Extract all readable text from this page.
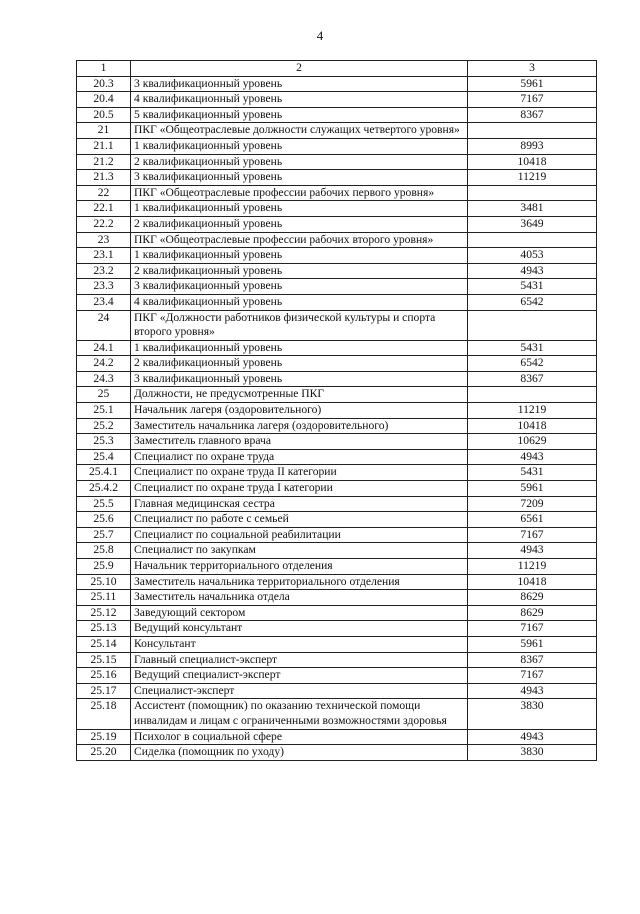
4
1	2	3
20.3	3 квалификационный уровень	5961
20.4	4 квалификационный уровень	7167
20.5	5 квалификационный уровень	8367
21	ПКГ «Общеотраслевые должности служащих четвертого уровня»	
21.1	1 квалификационный уровень	8993
21.2	2 квалификационный уровень	10418
21.3	3 квалификационный уровень	11219
22	ПКГ «Общеотраслевые профессии рабочих первого уровня»	
22.1	1 квалификационный уровень	3481
22.2	2 квалификационный уровень	3649
23	ПКГ «Общеотраслевые профессии рабочих второго уровня»	
23.1	1 квалификационный уровень	4053
23.2	2 квалификационный уровень	4943
23.3	3 квалификационный уровень	5431
23.4	4 квалификационный уровень	6542
24	ПКГ «Должности работников физической культуры и спорта второго уровня»	
24.1	1 квалификационный уровень	5431
24.2	2 квалификационный уровень	6542
24.3	3 квалификационный уровень	8367
25	Должности, не предусмотренные ПКГ	
25.1	Начальник лагеря (оздоровительного)	11219
25.2	Заместитель начальника лагеря (оздоровительного)	10418
25.3	Заместитель главного врача	10629
25.4	Специалист по охране труда	4943
25.4.1	Специалист по охране труда II категории	5431
25.4.2	Специалист по охране труда I категории	5961
25.5	Главная медицинская сестра	7209
25.6	Специалист по работе с семьей	6561
25.7	Специалист по социальной реабилитации	7167
25.8	Специалист по закупкам	4943
25.9	Начальник территориального отделения	11219
25.10	Заместитель начальника территориального отделения	10418
25.11	Заместитель начальника отдела	8629
25.12	Заведующий сектором	8629
25.13	Ведущий консультант	7167
25.14	Консультант	5961
25.15	Главный специалист-эксперт	8367
25.16	Ведущий специалист-эксперт	7167
25.17	Специалист-эксперт	4943
25.18	Ассистент (помощник) по оказанию технической помощи инвалидам и лицам с ограниченными возможностями здоровья	3830
25.19	Психолог в социальной сфере	4943
25.20	Сиделка (помощник по уходу)	3830
